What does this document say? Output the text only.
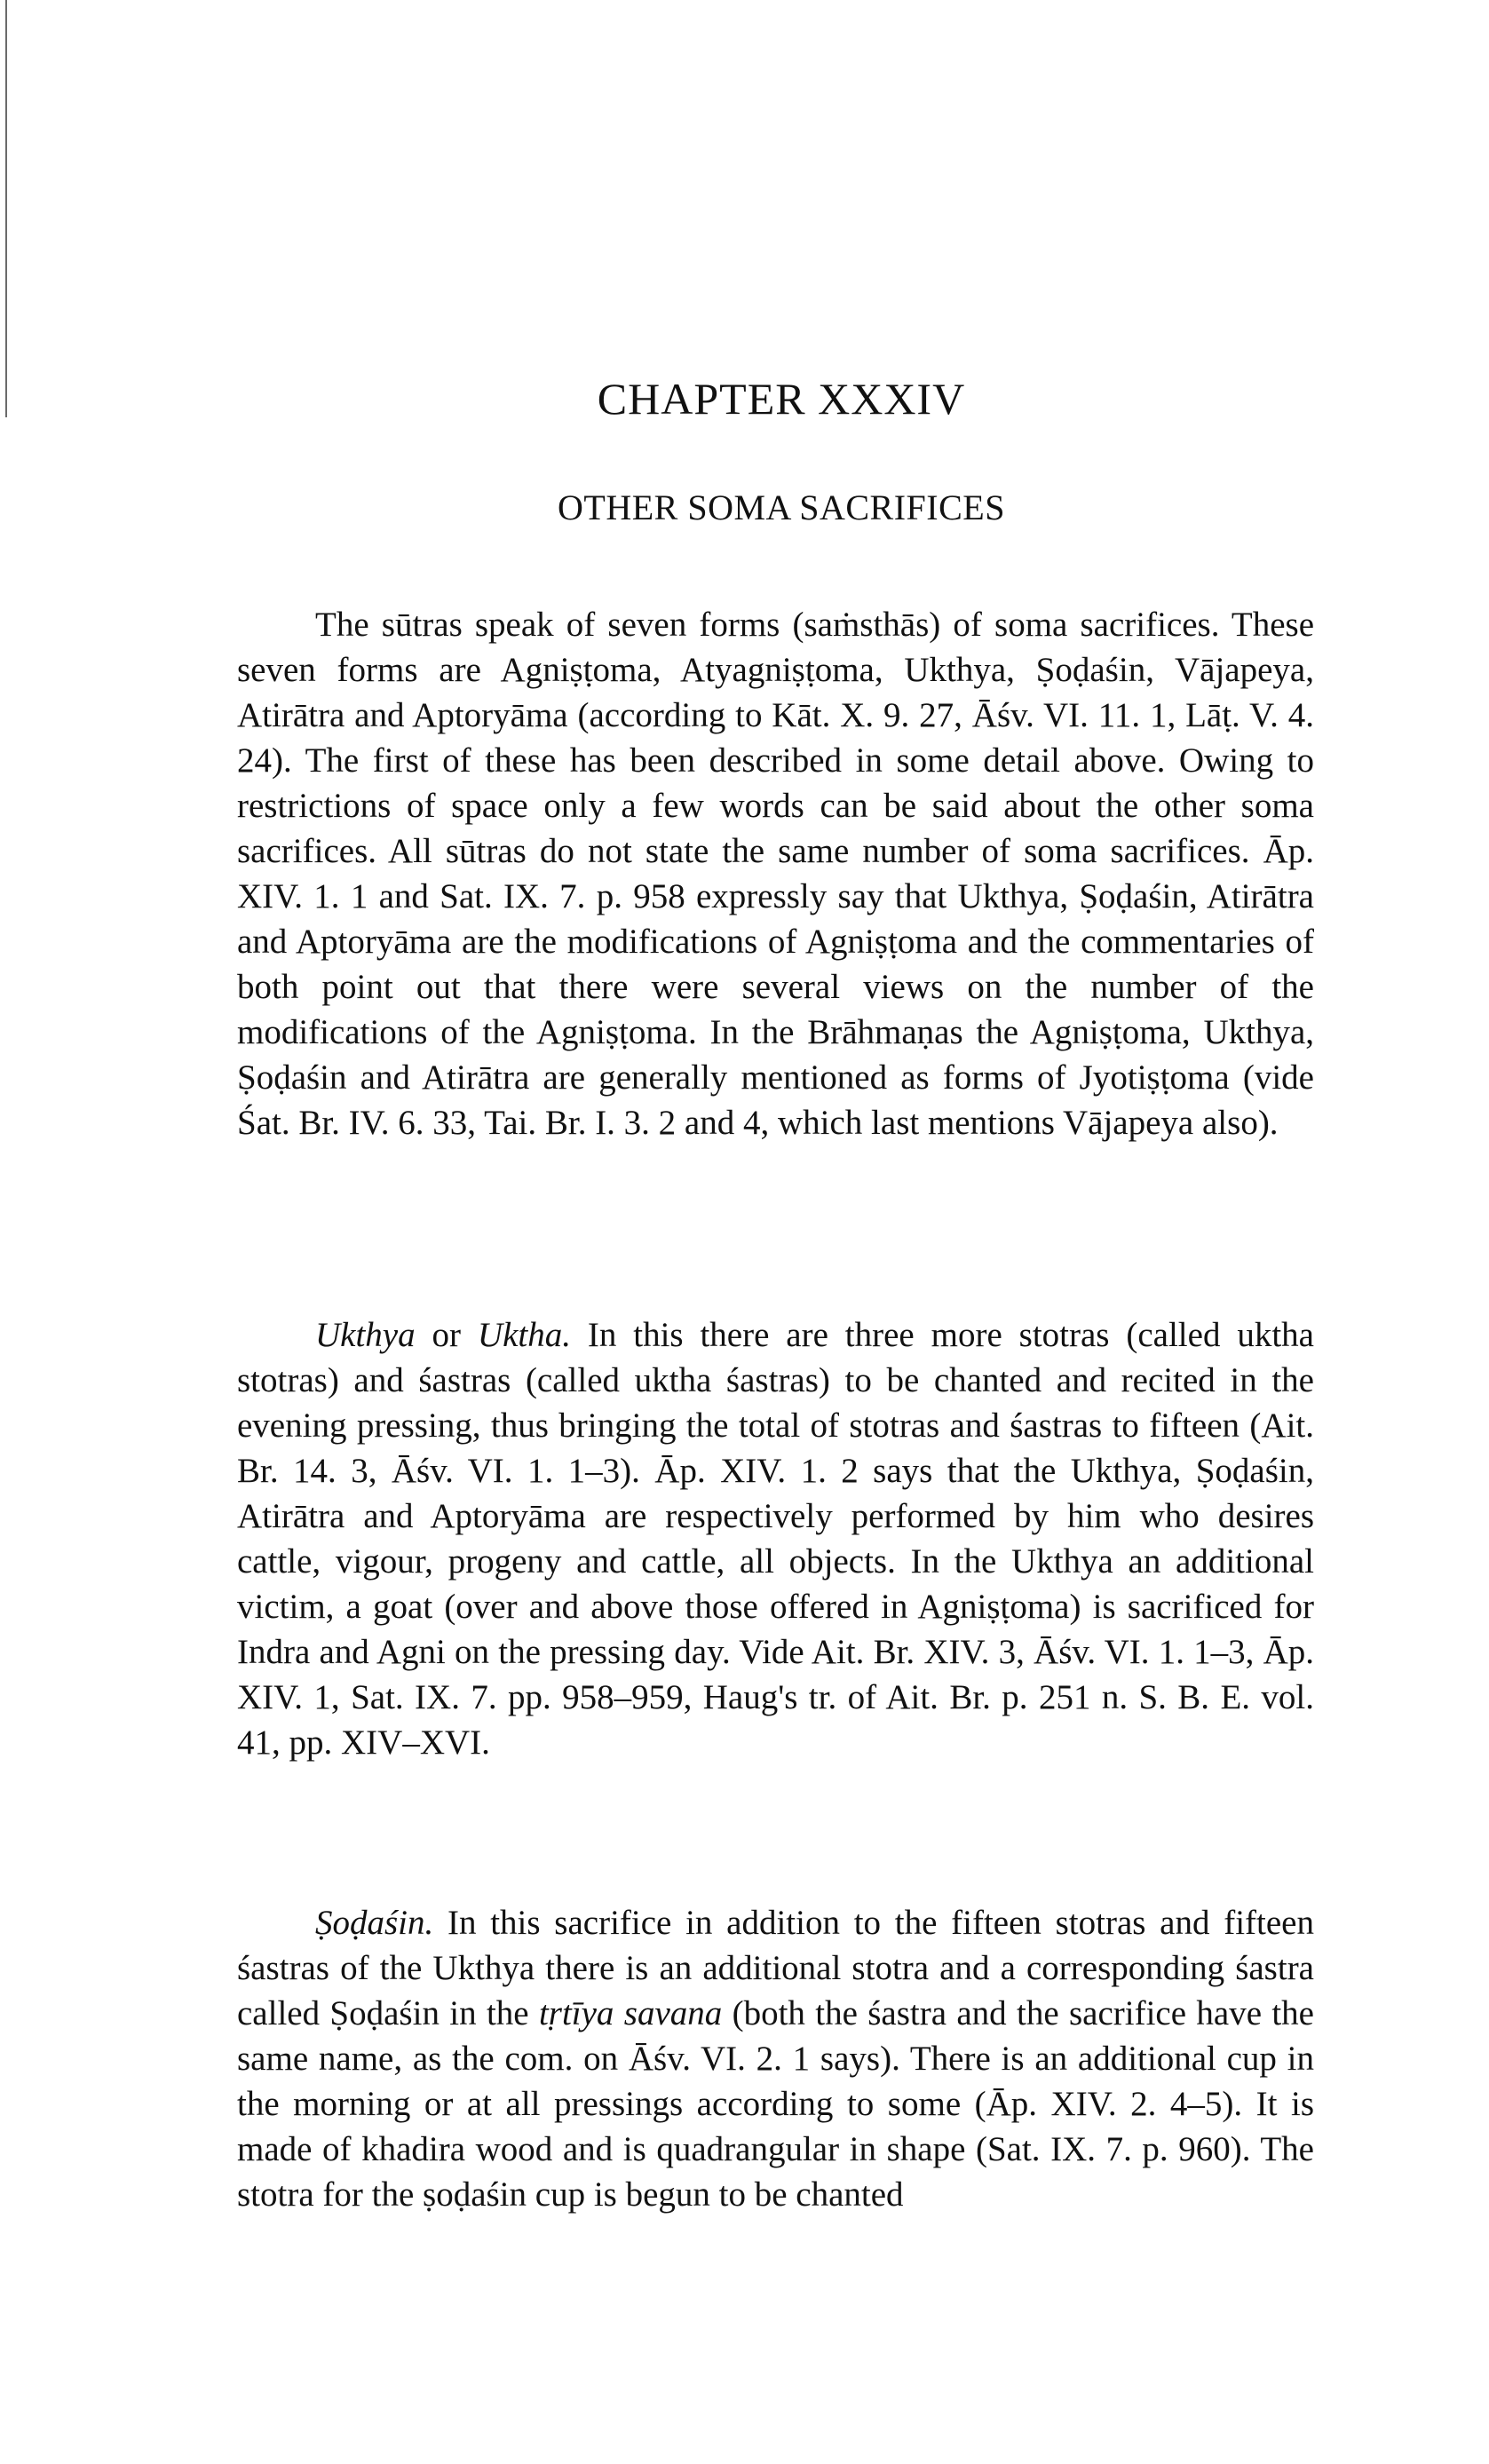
CHAPTER XXXIV
OTHER SOMA SACRIFICES

The sūtras speak of seven forms (saṁsthās) of soma sacrifices. These seven forms are Agniṣṭoma, Atyagniṣṭoma, Ukthya, Ṣoḍaśin, Vājapeya, Atirātra and Aptoryāma (according to Kāt. X. 9. 27, Āśv. VI. 11. 1, Lāṭ. V. 4. 24). The first of these has been described in some detail above. Owing to restrictions of space only a few words can be said about the other soma sacrifices. All sūtras do not state the same number of soma sacrifices. Āp. XIV. 1. 1 and Sat. IX. 7. p. 958 expressly say that Ukthya, Ṣoḍaśin, Atirātra and Aptoryāma are the modifications of Agniṣṭoma and the commentaries of both point out that there were several views on the number of the modifications of the Agniṣṭoma. In the Brāhmaṇas the Agniṣṭoma, Ukthya, Ṣoḍaśin and Atirātra are generally mentioned as forms of Jyotiṣṭoma (vide Śat. Br. IV. 6. 33, Tai. Br. I. 3. 2 and 4, which last mentions Vājapeya also).

Ukthya or Uktha. In this there are three more stotras (called uktha stotras) and śastras (called uktha śastras) to be chanted and recited in the evening pressing, thus bringing the total of stotras and śastras to fifteen (Ait. Br. 14. 3, Āśv. VI. 1. 1–3). Āp. XIV. 1. 2 says that the Ukthya, Ṣoḍaśin, Atirātra and Aptoryāma are respectively performed by him who desires cattle, vigour, progeny and cattle, all objects. In the Ukthya an additional victim, a goat (over and above those offered in Agniṣṭoma) is sacrificed for Indra and Agni on the pressing day. Vide Ait. Br. XIV. 3, Āśv. VI. 1. 1–3, Āp. XIV. 1, Sat. IX. 7. pp. 958–959, Haug's tr. of Ait. Br. p. 251 n. S. B. E. vol. 41, pp. XIV–XVI.

Ṣoḍaśin. In this sacrifice in addition to the fifteen stotras and fifteen śastras of the Ukthya there is an additional stotra and a corresponding śastra called Ṣoḍaśin in the tṛtīya savana (both the śastra and the sacrifice have the same name, as the com. on Āśv. VI. 2. 1 says). There is an additional cup in the morning or at all pressings according to some (Āp. XIV. 2. 4–5). It is made of khadira wood and is quadrangular in shape (Sat. IX. 7. p. 960). The stotra for the ṣoḍaśin cup is begun to be chanted
